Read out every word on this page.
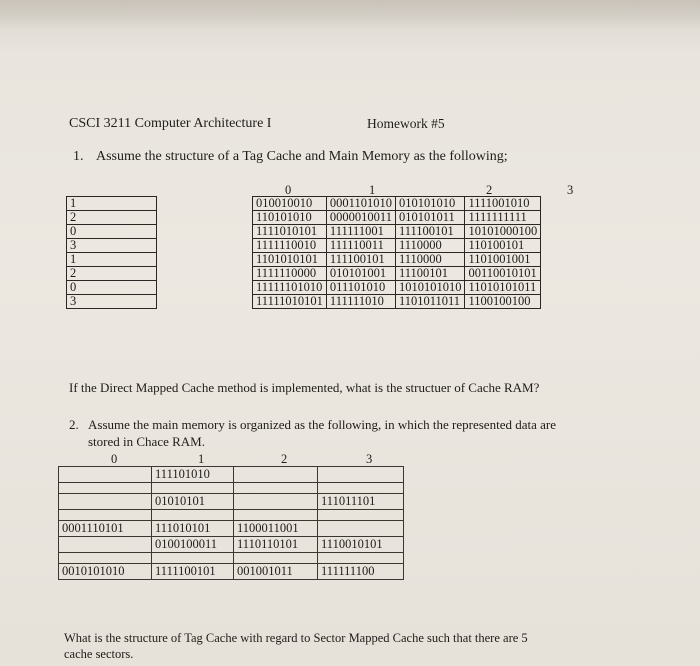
CSCI 3211 Computer Architecture I	Homework #5
1. Assume the structure of a Tag Cache and Main Memory as the following;
1
2
0
3
1
2
0
3
0	1	2	3
010010010	0001101010	010101010	1111001010
110101010	0000010011	010101011	1111111111
1111010101	111111001	111100101	10101000100
1111110010	111110011	1110000	110100101
1101010101	111100101	1110000	1101001001
1111110000	010101001	11100101	00110010101
11111101010	011101010	1010101010	11010101011
11111010101	111111010	1101011011	1100100100
If the Direct Mapped Cache method is implemented, what is the structuer of Cache RAM?
2. Assume the main memory is organized as the following, in which the represented data are
stored in Chace RAM.
0	1	2	3
	111101010		

	01010101		111011101

0001110101	111010101	1100011001	
	0100100011	1110110101	1110010101

0010101010	1111100101	001001011	111111100
What is the structure of Tag Cache with regard to Sector Mapped Cache such that there are 5
cache sectors.
